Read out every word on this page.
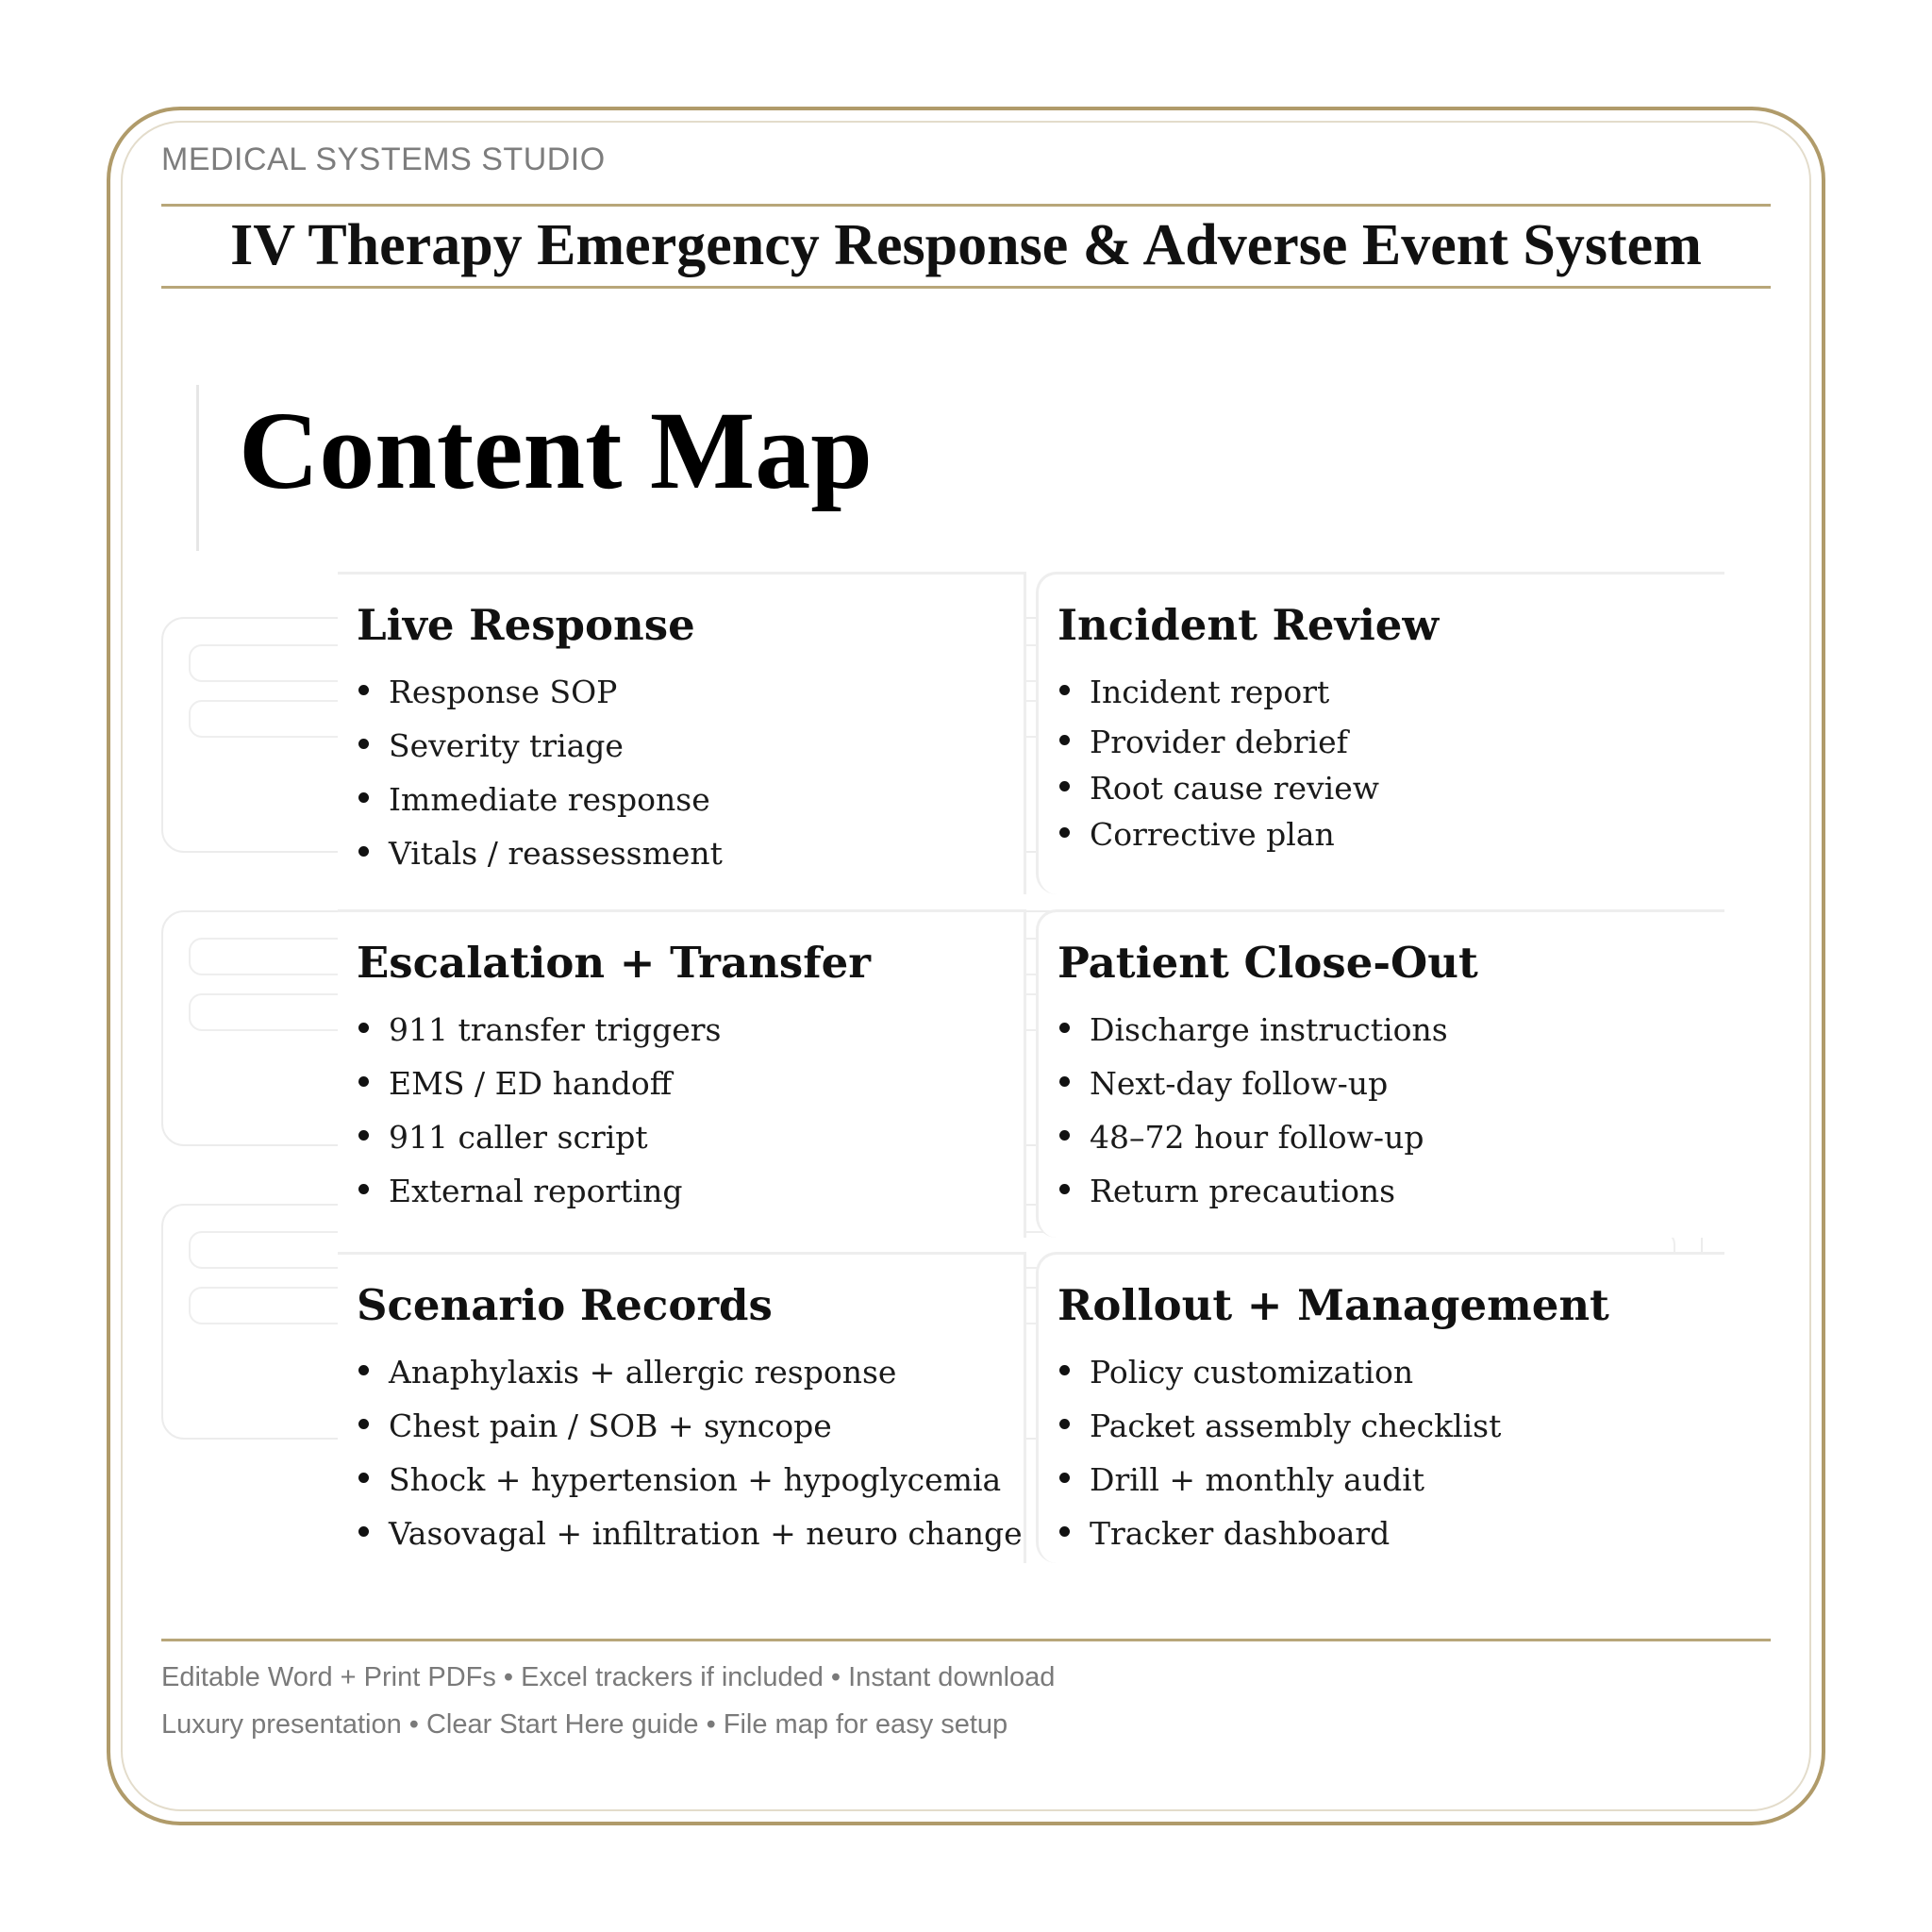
MEDICAL SYSTEMS STUDIO
IV Therapy Emergency Response & Adverse Event System
Content Map
Live Response
Response SOP
Severity triage
Immediate response
Vitals / reassessment
Incident Review
Incident report
Provider debrief
Root cause review
Corrective plan
Escalation + Transfer
911 transfer triggers
EMS / ED handoff
911 caller script
External reporting
Patient Close-Out
Discharge instructions
Next-day follow-up
48–72 hour follow-up
Return precautions
Scenario Records
Anaphylaxis + allergic response
Chest pain / SOB + syncope
Shock + hypertension + hypoglycemia
Vasovagal + infiltration + neuro change
Rollout + Management
Policy customization
Packet assembly checklist
Drill + monthly audit
Tracker dashboard
Editable Word + Print PDFs • Excel trackers if included • Instant download
Luxury presentation • Clear Start Here guide • File map for easy setup
